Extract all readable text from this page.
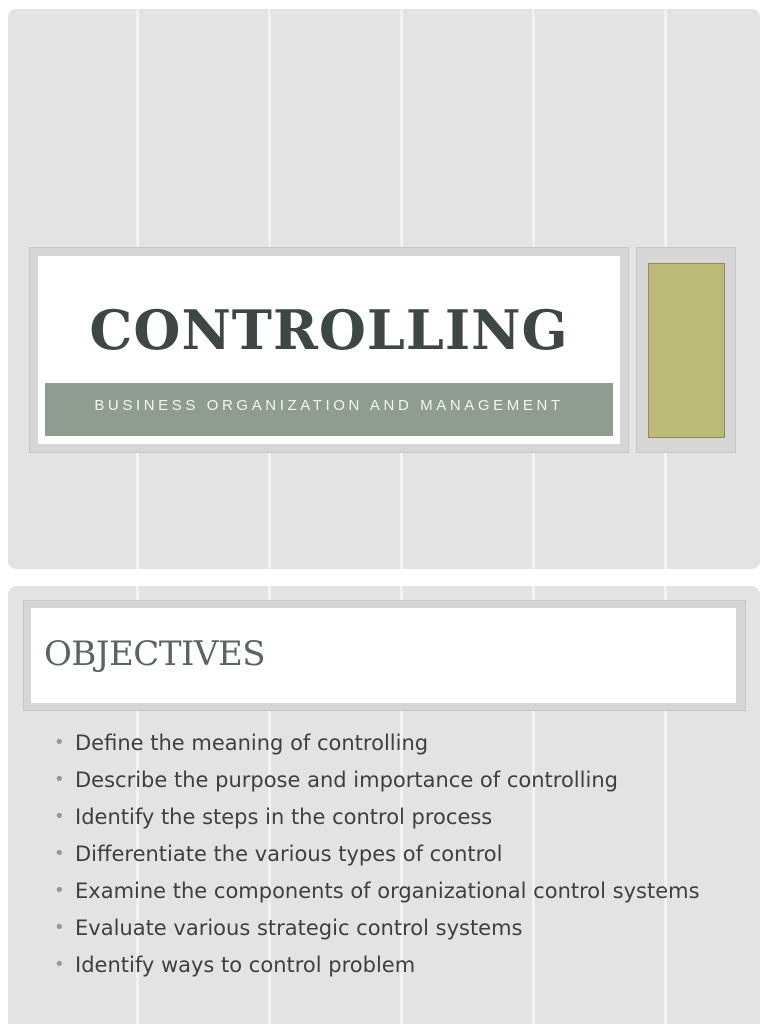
CONTROLLING
BUSINESS ORGANIZATION AND MANAGEMENT
OBJECTIVES
• Define the meaning of controlling
• Describe the purpose and importance of controlling
• Identify the steps in the control process
• Differentiate the various types of control
• Examine the components of organizational control systems
• Evaluate various strategic control systems
• Identify ways to control problem
